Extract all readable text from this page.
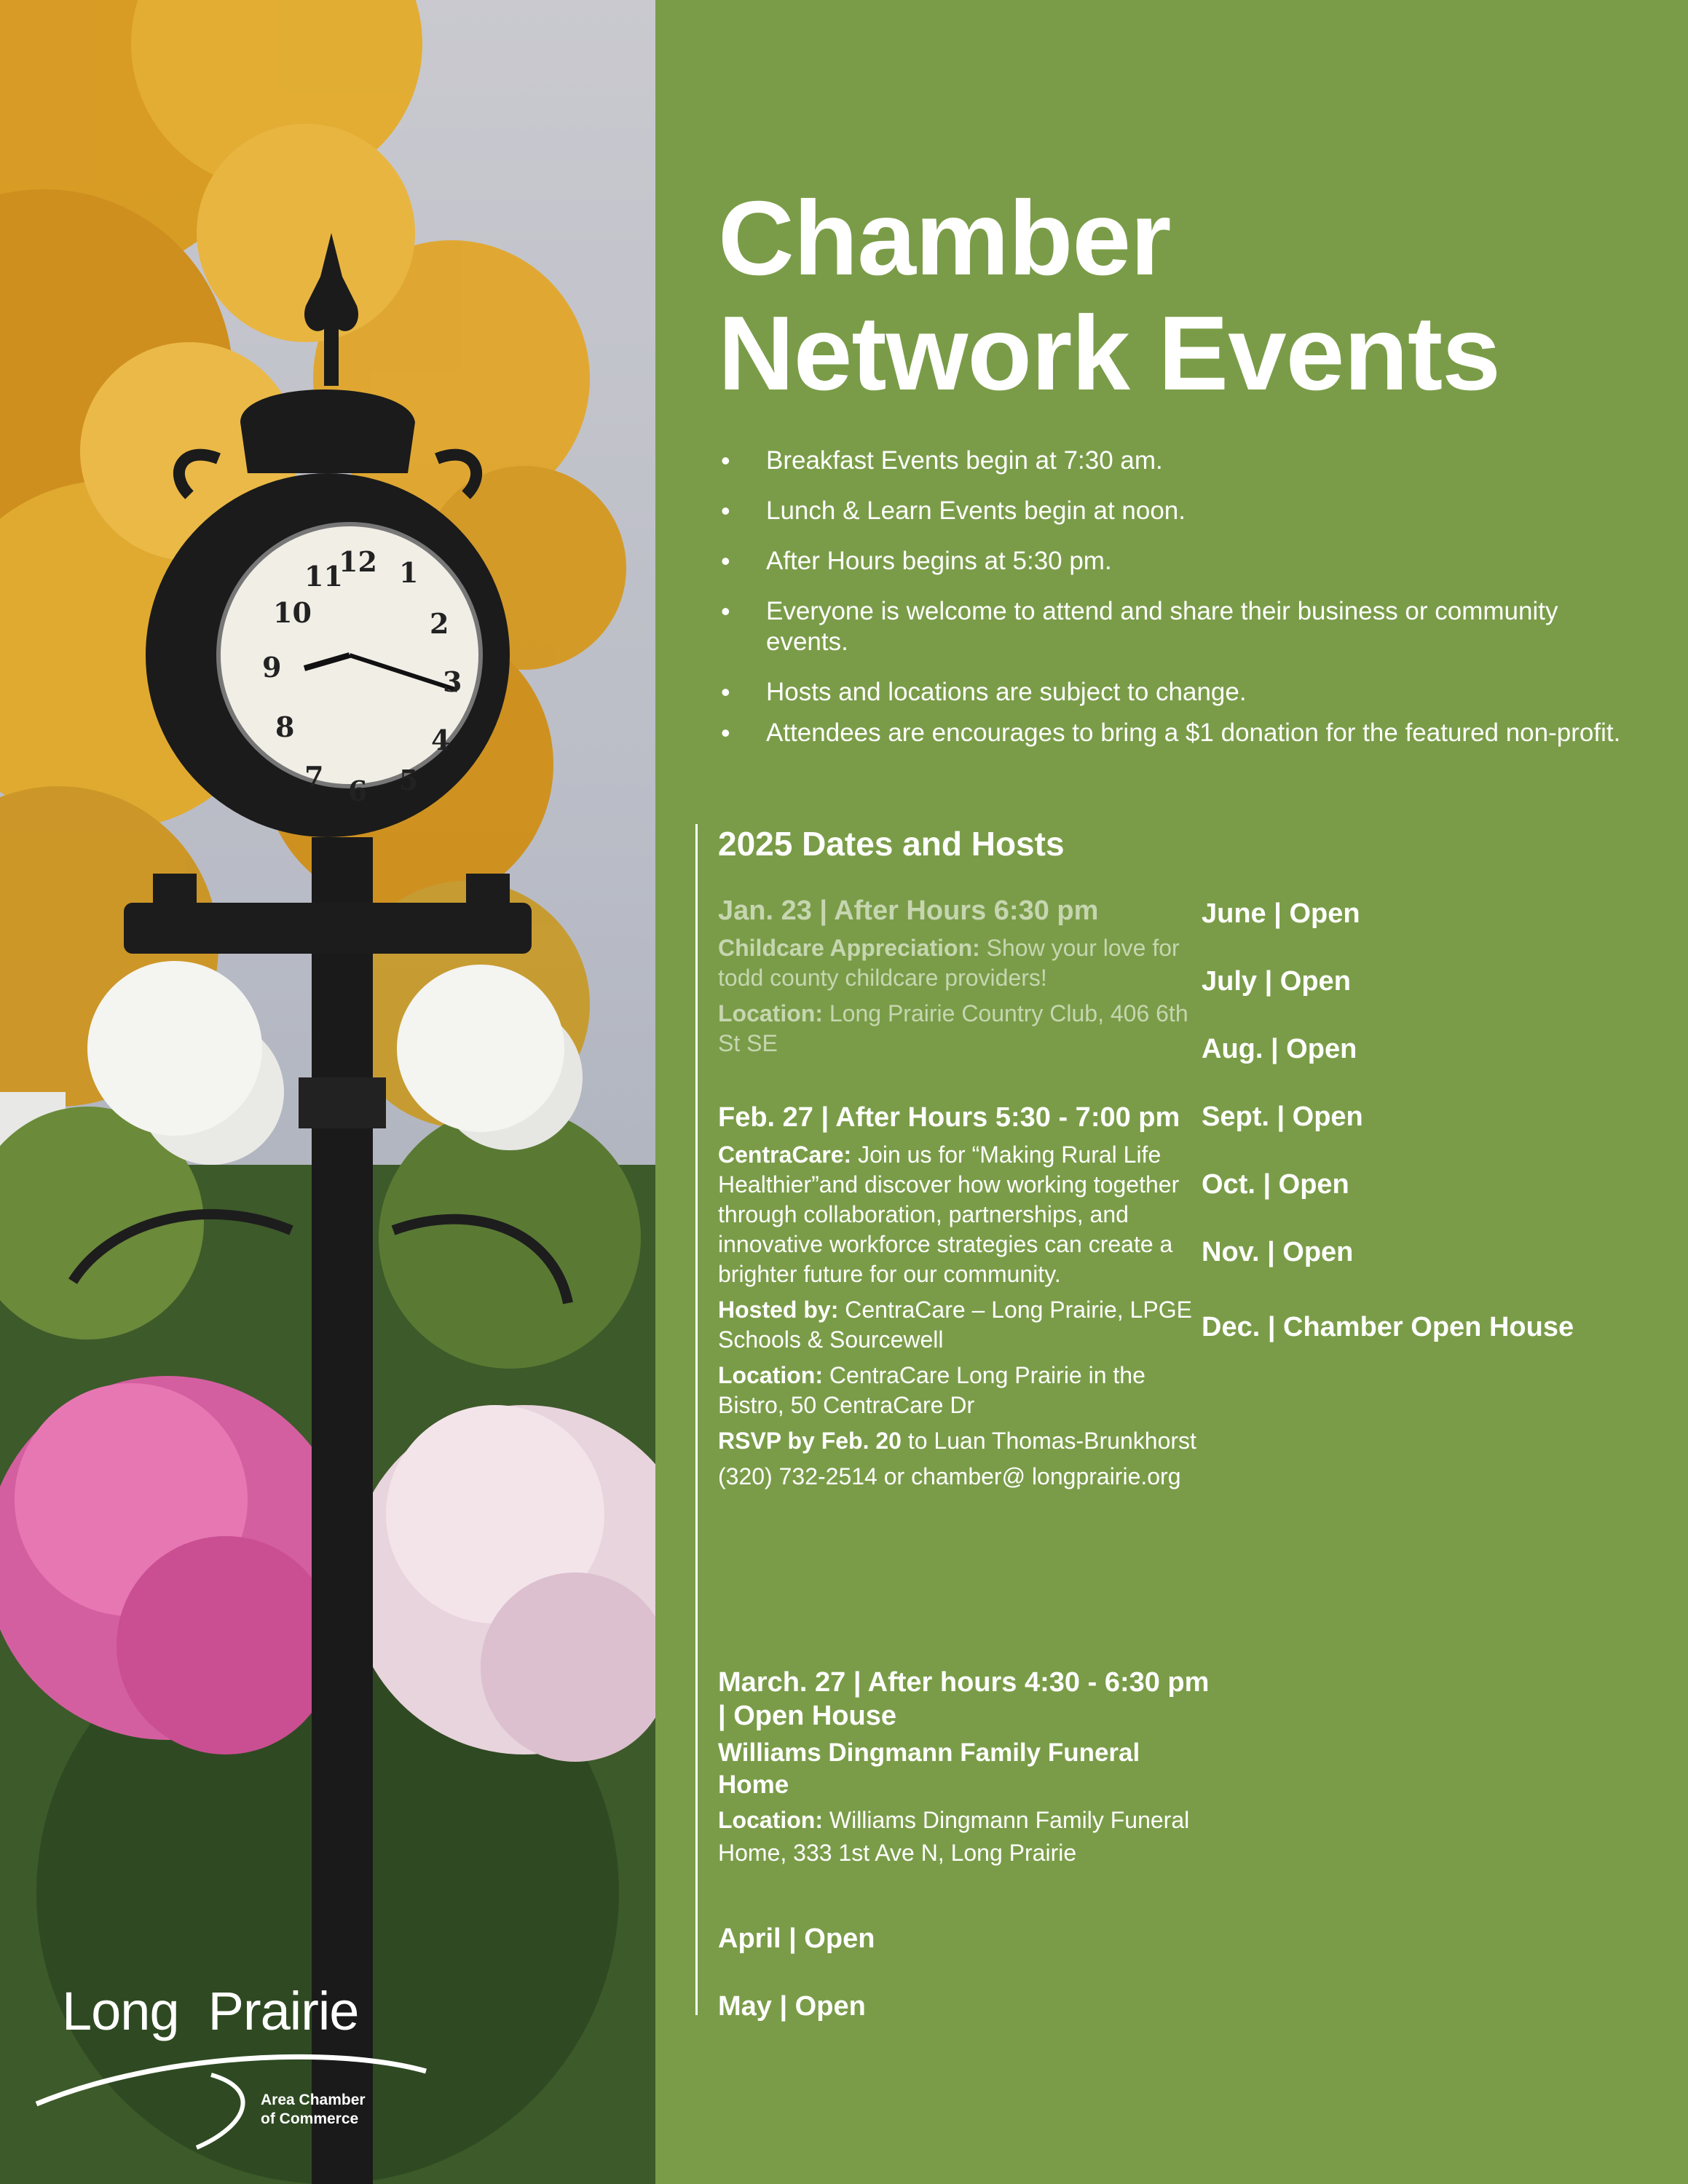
12 1
2
3
4
5
6
7
8
9
10
11
Long Prairie
Area Chamber
of Commerce
Chamber
Network Events
• Breakfast Events begin at 7:30 am.
• Lunch & Learn Events begin at noon.
• After Hours begins at 5:30 pm.
• Everyone is welcome to attend and share their business or community events.
• Hosts and locations are subject to change.
• Attendees are encourages to bring a $1 donation for the featured non-profit.
2025 Dates and Hosts
Jan. 23 | After Hours 6:30 pm
Childcare Appreciation: Show your love for todd county childcare providers!
Location: Long Prairie Country Club, 406 6th St SE
Feb. 27 | After Hours 5:30 - 7:00 pm
CentraCare: Join us for “Making Rural Life Healthier”and discover how working together through collaboration, partnerships, and innovative workforce strategies can create a brighter future for our community.
Hosted by: CentraCare – Long Prairie, LPGE Schools & Sourcewell
Location: CentraCare Long Prairie in the Bistro, 50 CentraCare Dr
RSVP by Feb. 20 to Luan Thomas-Brunkhorst
(320) 732-2514 or chamber@ longprairie.org
March. 27 | After hours 4:30 - 6:30 pm | Open House
Williams Dingmann Family Funeral Home
Location: Williams Dingmann Family Funeral Home, 333 1st Ave N, Long Prairie
April | Open
May | Open
June | Open
July | Open
Aug. | Open
Sept. | Open
Oct. | Open
Nov. | Open
Dec. | Chamber Open House
